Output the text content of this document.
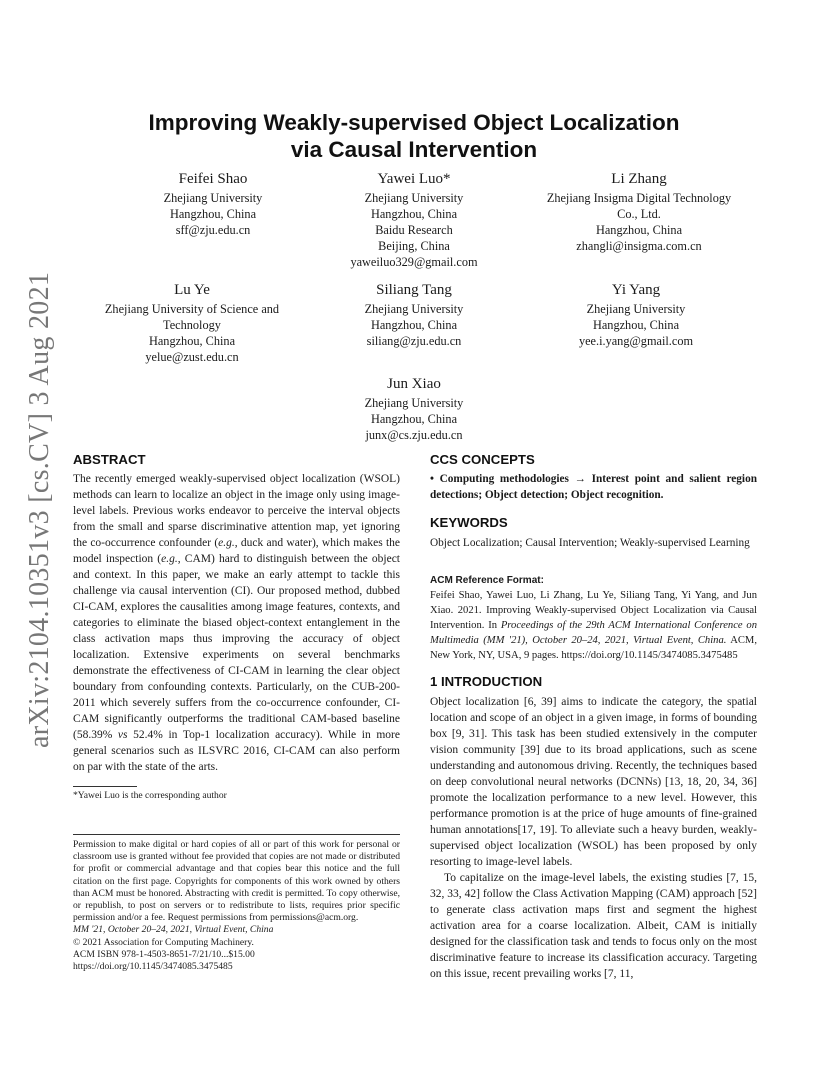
arXiv:2104.10351v3 [cs.CV] 3 Aug 2021
Improving Weakly-supervised Object Localization
via Causal Intervention
Feifei Shao
Zhejiang University
Hangzhou, China
sff@zju.edu.cn
Yawei Luo*
Zhejiang University
Hangzhou, China
Baidu Research
Beijing, China
yaweiluo329@gmail.com
Li Zhang
Zhejiang Insigma Digital Technology
Co., Ltd.
Hangzhou, China
zhangli@insigma.com.cn
Lu Ye
Zhejiang University of Science and
Technology
Hangzhou, China
yelue@zust.edu.cn
Siliang Tang
Zhejiang University
Hangzhou, China
siliang@zju.edu.cn
Yi Yang
Zhejiang University
Hangzhou, China
yee.i.yang@gmail.com
Jun Xiao
Zhejiang University
Hangzhou, China
junx@cs.zju.edu.cn
ABSTRACT

The recently emerged weakly-supervised object localization (WSOL) methods can learn to localize an object in the image only using image-level labels. Previous works endeavor to perceive the interval objects from the small and sparse discriminative attention map, yet ignoring the co-occurrence confounder (e.g., duck and water), which makes the model inspection (e.g., CAM) hard to distinguish between the object and context. In this paper, we make an early attempt to tackle this challenge via causal intervention (CI). Our proposed method, dubbed CI-CAM, explores the causalities among image features, contexts, and categories to eliminate the biased object-context entanglement in the class activation maps thus improving the accuracy of object localization. Extensive experiments on several benchmarks demonstrate the effectiveness of CI-CAM in learning the clear object boundary from confounding contexts. Particularly, on the CUB-200-2011 which severely suffers from the co-occurrence confounder, CI-CAM significantly outperforms the traditional CAM-based baseline (58.39% vs 52.4% in Top-1 localization accuracy). While in more general scenarios such as ILSVRC 2016, CI-CAM can also perform on par with the state of the arts.

*Yawei Luo is the corresponding author

Permission to make digital or hard copies of all or part of this work for personal or classroom use is granted without fee provided that copies are not made or distributed for profit or commercial advantage and that copies bear this notice and the full citation on the first page. Copyrights for components of this work owned by others than ACM must be honored. Abstracting with credit is permitted. To copy otherwise, or republish, to post on servers or to redistribute to lists, requires prior specific permission and/or a fee. Request permissions from permissions@acm.org.

MM '21, October 20–24, 2021, Virtual Event, China

© 2021 Association for Computing Machinery.

ACM ISBN 978-1-4503-8651-7/21/10...$15.00

https://doi.org/10.1145/3474085.3475485

CCS CONCEPTS
• Computing methodologies → Interest point and salient region detections; Object detection; Object recognition.
KEYWORDS
Object Localization; Causal Intervention; Weakly-supervised Learning
ACM Reference Format:
Feifei Shao, Yawei Luo, Li Zhang, Lu Ye, Siliang Tang, Yi Yang, and Jun Xiao. 2021. Improving Weakly-supervised Object Localization via Causal Intervention. In Proceedings of the 29th ACM International Conference on Multimedia (MM '21), October 20–24, 2021, Virtual Event, China. ACM, New York, NY, USA, 9 pages. https://doi.org/10.1145/3474085.3475485
1 INTRODUCTION

Object localization [6, 39] aims to indicate the category, the spatial location and scope of an object in a given image, in forms of bounding box [9, 31]. This task has been studied extensively in the computer vision community [39] due to its broad applications, such as scene understanding and autonomous driving. Recently, the techniques based on deep convolutional neural networks (DCNNs) [13, 18, 20, 34, 36] promote the localization performance to a new level. However, this performance promotion is at the price of huge amounts of fine-grained human annotations[17, 19]. To alleviate such a heavy burden, weakly-supervised object localization (WSOL) has been proposed by only resorting to image-level labels.

To capitalize on the image-level labels, the existing studies [7, 15, 32, 33, 42] follow the Class Activation Mapping (CAM) approach [52] to generate class activation maps first and segment the highest activation area for a coarse localization. Albeit, CAM is initially designed for the classification task and tends to focus only on the most discriminative feature to increase its classification accuracy. Targeting on this issue, recent prevailing works [7, 11,
